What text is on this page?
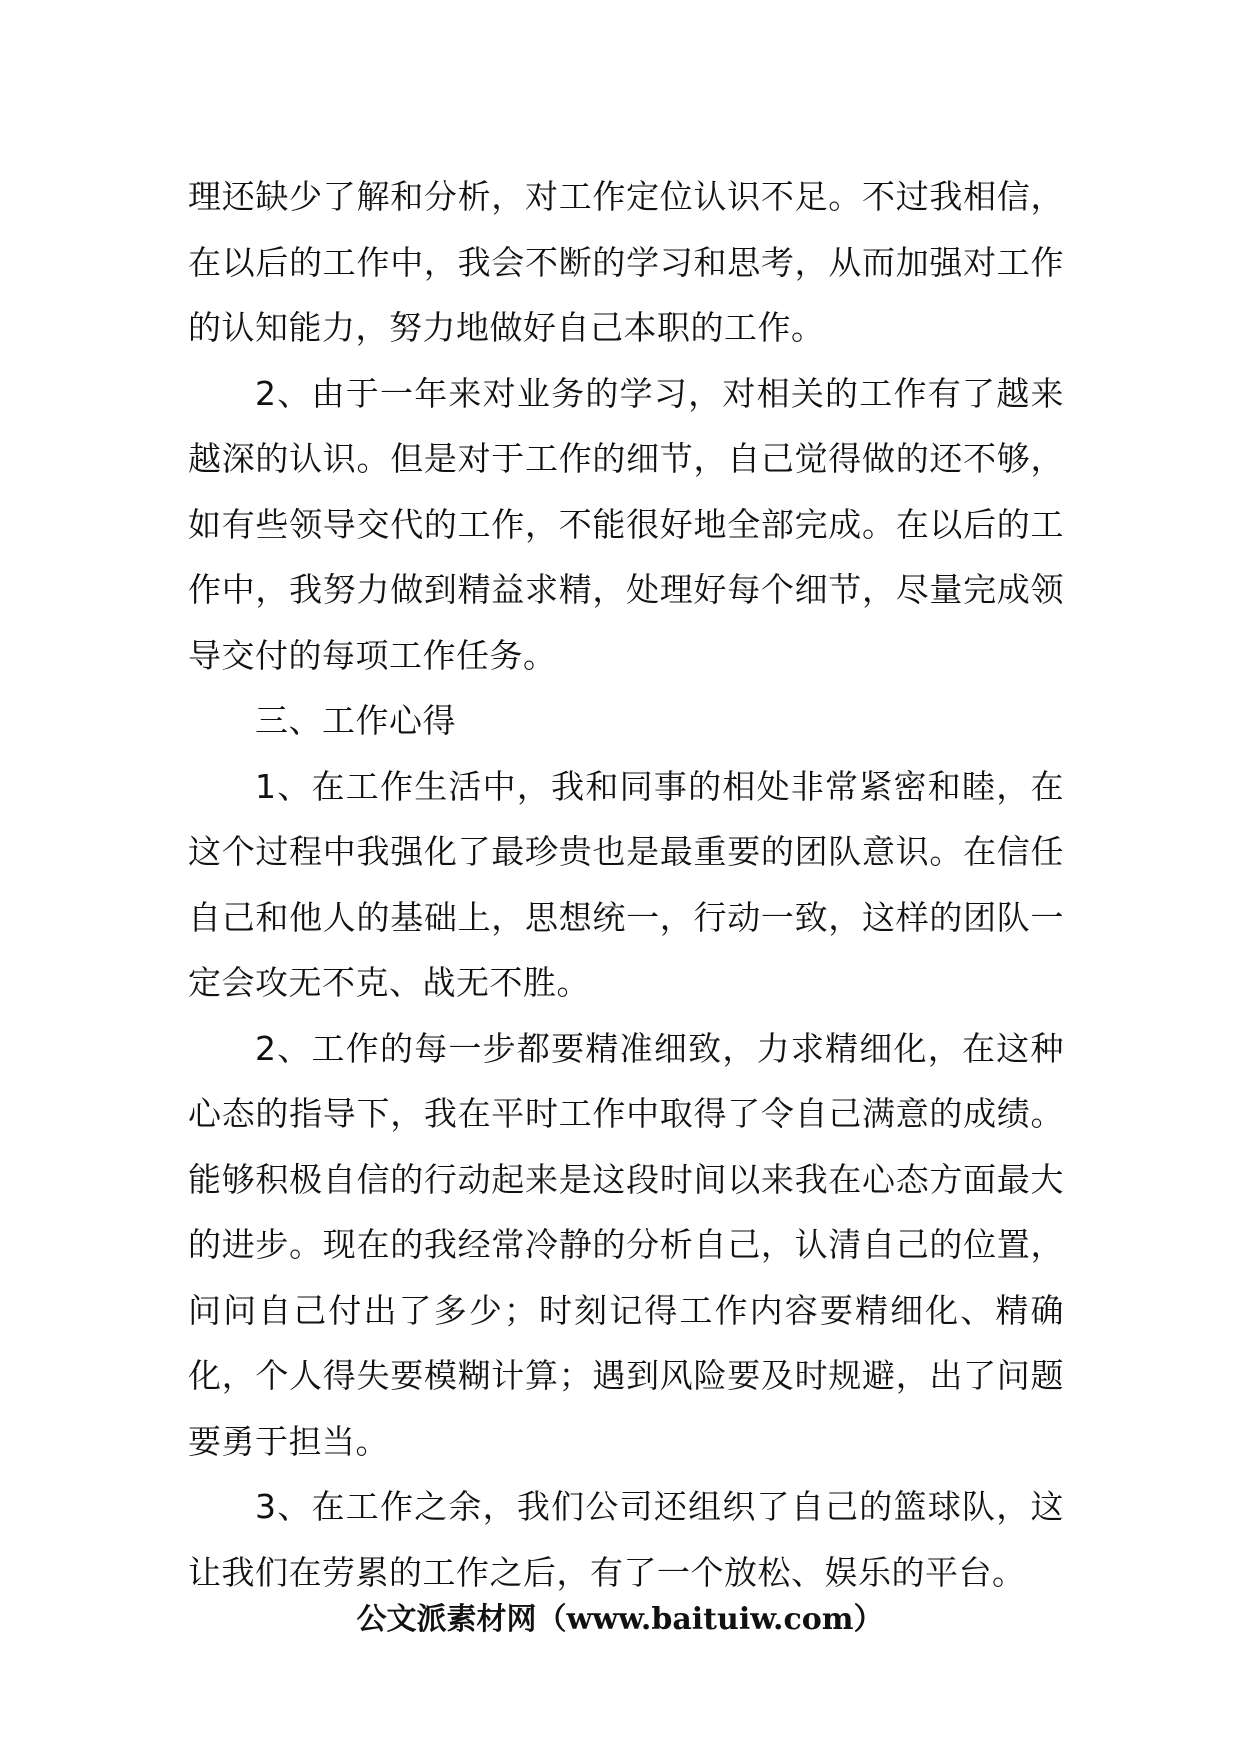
理还缺少了解和分析，对工作定位认识不足。不过我相信，在以后的工作中，我会不断的学习和思考，从而加强对工作的认知能力，努力地做好自己本职的工作。

2、由于一年来对业务的学习，对相关的工作有了越来越深的认识。但是对于工作的细节，自己觉得做的还不够，如有些领导交代的工作，不能很好地全部完成。在以后的工作中，我努力做到精益求精，处理好每个细节，尽量完成领导交付的每项工作任务。

三、工作心得

1、在工作生活中，我和同事的相处非常紧密和睦，在这个过程中我强化了最珍贵也是最重要的团队意识。在信任自己和他人的基础上，思想统一，行动一致，这样的团队一定会攻无不克、战无不胜。

2、工作的每一步都要精准细致，力求精细化，在这种心态的指导下，我在平时工作中取得了令自己满意的成绩。能够积极自信的行动起来是这段时间以来我在心态方面最大的进步。现在的我经常冷静的分析自己，认清自己的位置，问问自己付出了多少；时刻记得工作内容要精细化、精确化，个人得失要模糊计算；遇到风险要及时规避，出了问题要勇于担当。

3、在工作之余，我们公司还组织了自己的篮球队，这让我们在劳累的工作之后，有了一个放松、娱乐的平台。

公文派素材网（www.baituiw.com）
